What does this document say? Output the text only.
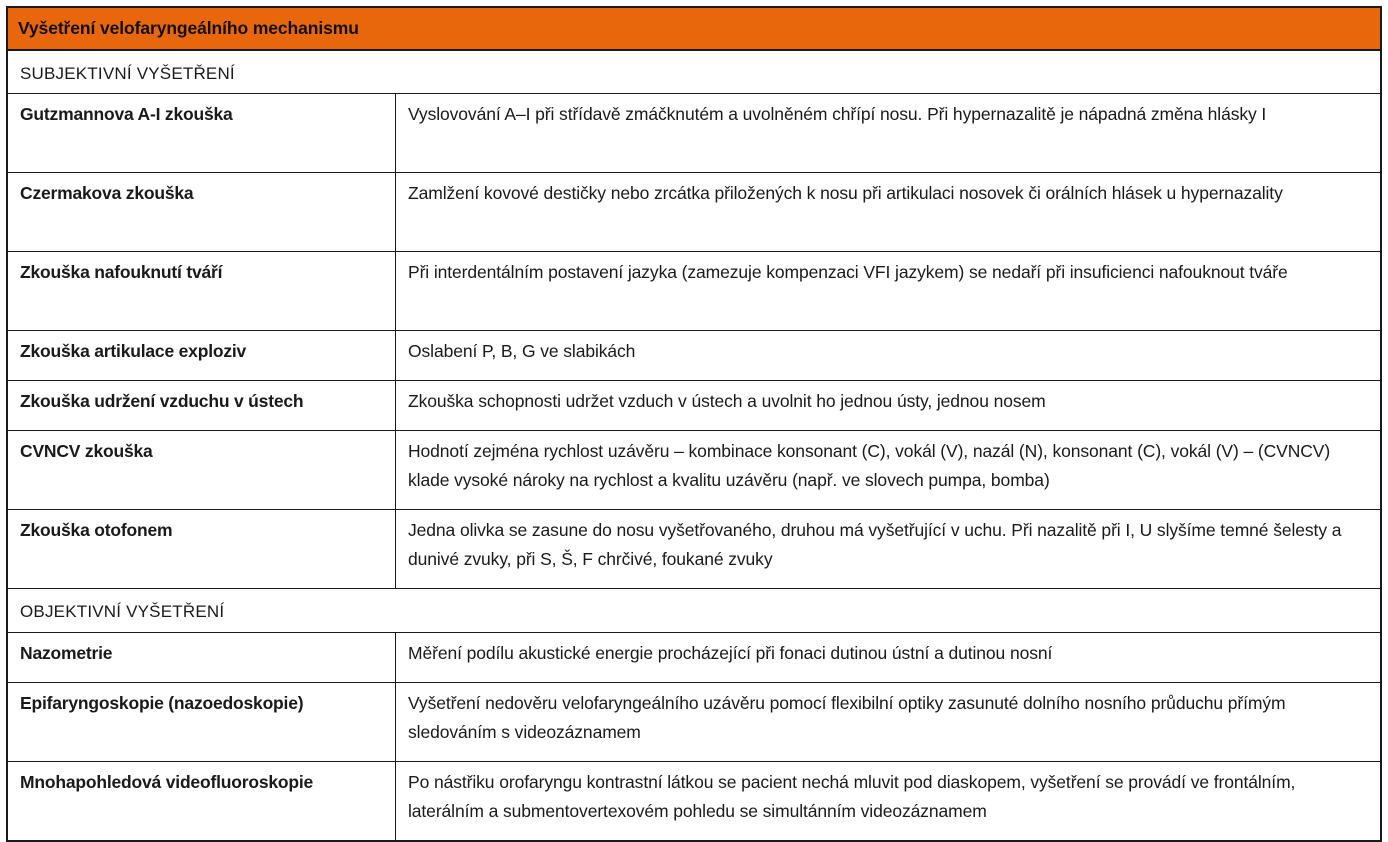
Vyšetření velofaryngeálního mechanismu	
SUBJEKTIVNÍ VYŠETŘENÍ	
Gutzmannova A-I zkouška	Vyslovování A–I při střídavě zmáčknutém a uvolněném chřípí nosu. Při hypernazalitě je nápadná změna hlásky I
Czermakova zkouška	Zamlžení kovové destičky nebo zrcátka přiložených k nosu při artikulaci nosovek či orálních hlásek u hypernazality
Zkouška nafouknutí tváří	Při interdentálním postavení jazyka (zamezuje kompenzaci VFI jazykem) se nedaří při insuficienci nafouknout tváře
Zkouška artikulace exploziv	Oslabení P, B, G ve slabikách
Zkouška udržení vzduchu v ústech	Zkouška schopnosti udržet vzduch v ústech a uvolnit ho jednou ústy, jednou nosem
CVNCV zkouška	Hodnotí zejména rychlost uzávěru – kombinace konsonant (C), vokál (V), nazál (N), konsonant (C), vokál (V) – (CVNCV) klade vysoké nároky na rychlost a kvalitu uzávěru (např. ve slovech pumpa, bomba)
Zkouška otofonem	Jedna olivka se zasune do nosu vyšetřovaného, druhou má vyšetřující v uchu. Při nazalitě při I, U slyšíme temné šelesty a dunivé zvuky, při S, Š, F chrčivé, foukané zvuky
OBJEKTIVNÍ VYŠETŘENÍ	
Nazometrie	Měření podílu akustické energie procházející při fonaci dutinou ústní a dutinou nosní
Epifaryngoskopie (nazoedoskopie)	Vyšetření nedověru velofaryngeálního uzávěru pomocí flexibilní optiky zasunuté dolního nosního průduchu přímým sledováním s videozáznamem
Mnohapohledová videofluoroskopie	Po nástřiku orofaryngu kontrastní látkou se pacient nechá mluvit pod diaskopem, vyšetření se provádí ve frontálním, laterálním a submentovertexovém pohledu se simultánním videozáznamem
